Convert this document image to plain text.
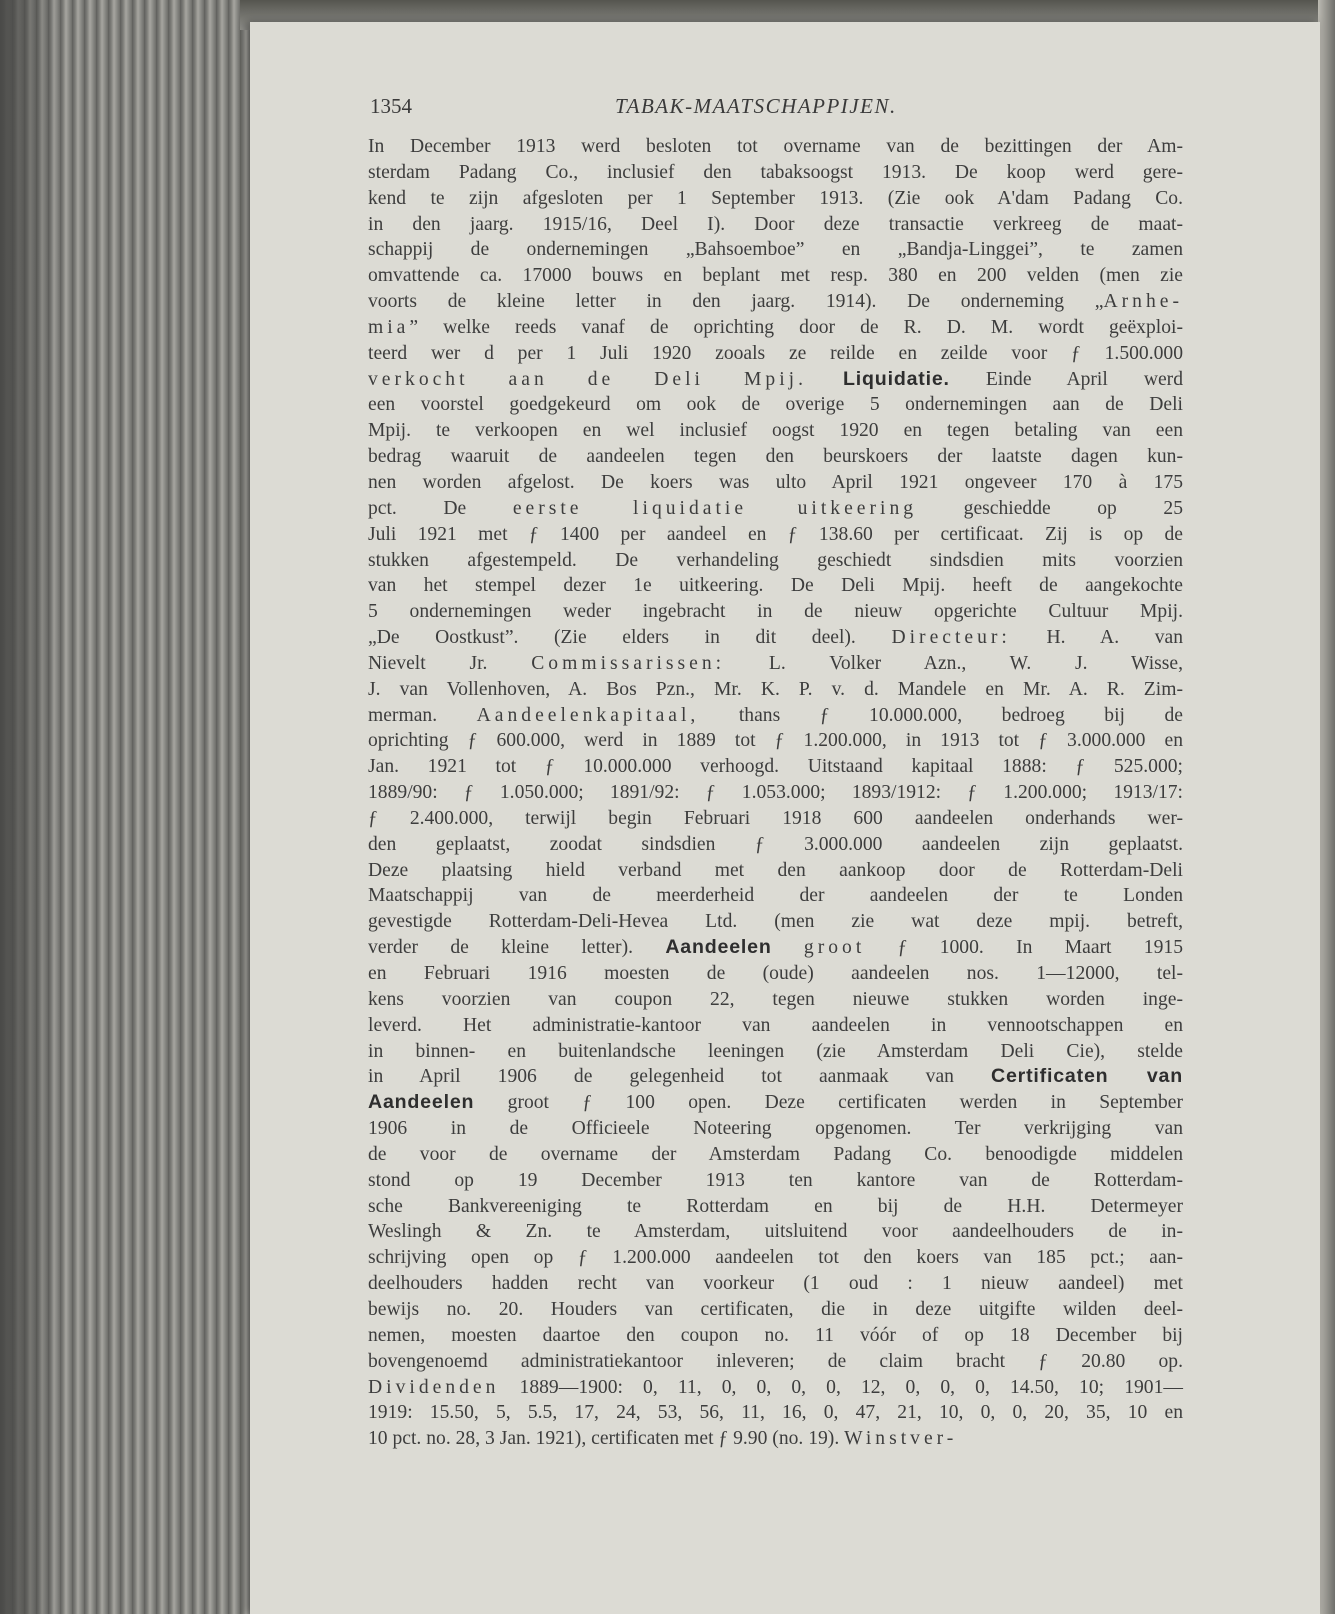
1354	TABAK-MAATSCHAPPIJEN.
In December 1913 werd besloten tot overname van de bezittingen der Am-
sterdam Padang Co., inclusief den tabaksoogst 1913. De koop werd gere-
kend te zijn afgesloten per 1 September 1913. (Zie ook A'dam Padang Co.
in den jaarg. 1915/16, Deel I). Door deze transactie verkreeg de maat-
schappij de ondernemingen „Bahsoemboe” en „Bandja-Linggei”, te zamen
omvattende ca. 17000 bouws en beplant met resp. 380 en 200 velden (men zie
voorts de kleine letter in den jaarg. 1914). De onderneming „Arnhe-
mia” welke reeds vanaf de oprichting door de R. D. M. wordt geëxploi-
teerd wer d per 1 Juli 1920 zooals ze reilde en zeilde voor ƒ 1.500.000
verkocht aan de Deli Mpij. Liquidatie. Einde April werd
een voorstel goedgekeurd om ook de overige 5 ondernemingen aan de Deli
Mpij. te verkoopen en wel inclusief oogst 1920 en tegen betaling van een
bedrag waaruit de aandeelen tegen den beurskoers der laatste dagen kun-
nen worden afgelost. De koers was ulto April 1921 ongeveer 170 à 175
pct. De eerste liquidatie uitkeering geschiedde op 25
Juli 1921 met ƒ 1400 per aandeel en ƒ 138.60 per certificaat. Zij is op de
stukken afgestempeld. De verhandeling geschiedt sindsdien mits voorzien
van het stempel dezer 1e uitkeering. De Deli Mpij. heeft de aangekochte
5 ondernemingen weder ingebracht in de nieuw opgerichte Cultuur Mpij.
„De Oostkust”. (Zie elders in dit deel). Directeur: H. A. van
Nievelt Jr. Commissarissen: L. Volker Azn., W. J. Wisse,
J. van Vollenhoven, A. Bos Pzn., Mr. K. P. v. d. Mandele en Mr. A. R. Zim-
merman. Aandeelenkapitaal, thans ƒ 10.000.000, bedroeg bij de
oprichting ƒ 600.000, werd in 1889 tot ƒ 1.200.000, in 1913 tot ƒ 3.000.000 en
Jan. 1921 tot ƒ 10.000.000 verhoogd. Uitstaand kapitaal 1888: ƒ 525.000;
1889/90: ƒ 1.050.000; 1891/92: ƒ 1.053.000; 1893/1912: ƒ 1.200.000; 1913/17:
ƒ 2.400.000, terwijl begin Februari 1918 600 aandeelen onderhands wer-
den geplaatst, zoodat sindsdien ƒ 3.000.000 aandeelen zijn geplaatst.
Deze plaatsing hield verband met den aankoop door de Rotterdam-Deli
Maatschappij van de meerderheid der aandeelen der te Londen
gevestigde Rotterdam-Deli-Hevea Ltd. (men zie wat deze mpij. betreft,
verder de kleine letter). Aandeelen groot ƒ 1000. In Maart 1915
en Februari 1916 moesten de (oude) aandeelen nos. 1—12000, tel-
kens voorzien van coupon 22, tegen nieuwe stukken worden inge-
leverd. Het administratie-kantoor van aandeelen in vennootschappen en
in binnen- en buitenlandsche leeningen (zie Amsterdam Deli Cie), stelde
in April 1906 de gelegenheid tot aanmaak van Certificaten van
Aandeelen groot ƒ 100 open. Deze certificaten werden in September
1906 in de Officieele Noteering opgenomen. Ter verkrijging van
de voor de overname der Amsterdam Padang Co. benoodigde middelen
stond op 19 December 1913 ten kantore van de Rotterdam-
sche Bankvereeniging te Rotterdam en bij de H.H. Determeyer
Weslingh & Zn. te Amsterdam, uitsluitend voor aandeelhouders de in-
schrijving open op ƒ 1.200.000 aandeelen tot den koers van 185 pct.; aan-
deelhouders hadden recht van voorkeur (1 oud : 1 nieuw aandeel) met
bewijs no. 20. Houders van certificaten, die in deze uitgifte wilden deel-
nemen, moesten daartoe den coupon no. 11 vóór of op 18 December bij
bovengenoemd administratiekantoor inleveren; de claim bracht ƒ 20.80 op.
Dividenden 1889—1900: 0, 11, 0, 0, 0, 0, 12, 0, 0, 0, 14.50, 10; 1901—
1919: 15.50, 5, 5.5, 17, 24, 53, 56, 11, 16, 0, 47, 21, 10, 0, 0, 20, 35, 10 en
10 pct. no. 28, 3 Jan. 1921), certificaten met ƒ 9.90 (no. 19). Winstver-
